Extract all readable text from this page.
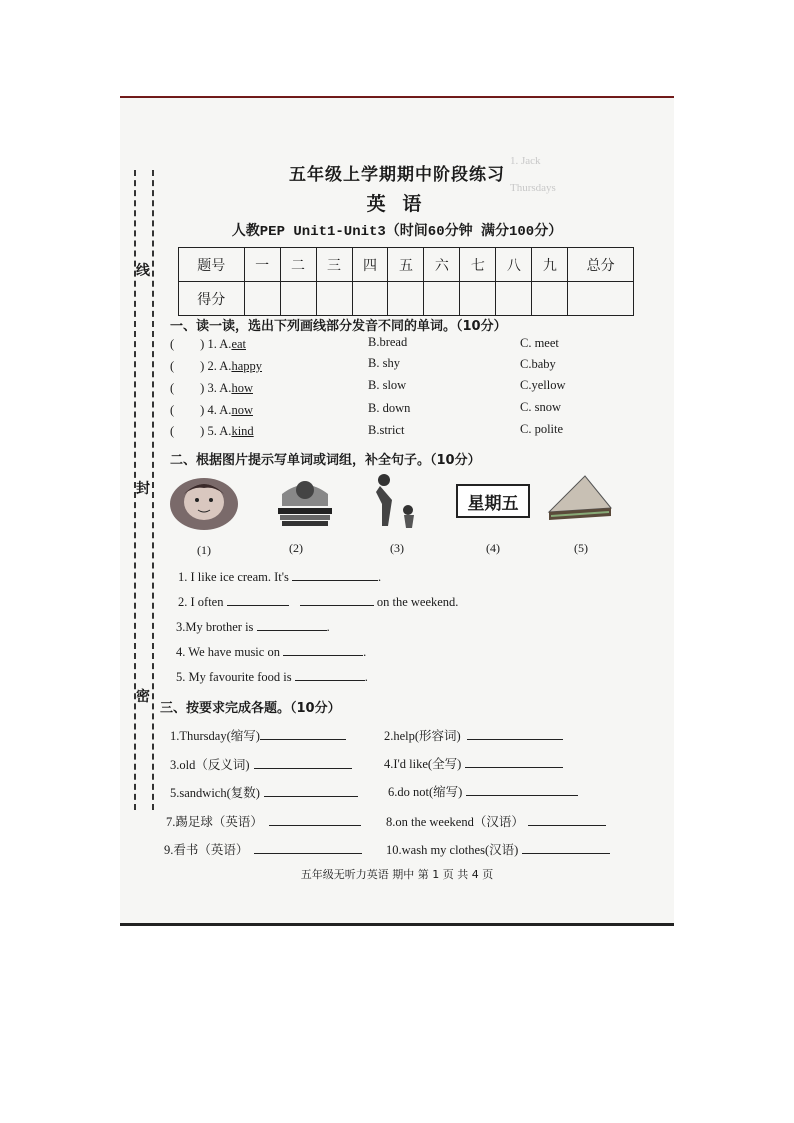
1. Jack
Thursdays
线
封
密
五年级上学期期中阶段练习
英 语
人教PEP Unit1-Unit3（时间60分钟 满分100分）
题号	一	二	三	四	五	六	七	八	九	总分
得分										
一、读一读，选出下列画线部分发音不同的单词。（10分）
( ) 1. A.eat	B.bread	C. meet
( ) 2. A.happy	B. shy	C.baby
( ) 3. A.how	B. slow	C.yellow
( ) 4. A.now	B. down	C. snow
( ) 5. A.kind	B.strict	C. polite
二、根据图片提示写单词或词组，补全句子。（10分）
星期五
(1)	(2)	(3)	(4)	(5)
1. I like ice cream. It's	.
2. I often	on the weekend.
3.My brother is	.
4. We have music on	.
5. My favourite food is	.
三、按要求完成各题。（10分）
1.Thursday(缩写)	2.help(形容词)
3.old（反义词)	4.I'd like(全写)
5.sandwich(复数)	6.do not(缩写)
7.踢足球（英语）	8.on the weekend（汉语）
9.看书（英语）	10.wash my clothes(汉语)
五年级无听力英语 期中 第 1 页 共 4 页
